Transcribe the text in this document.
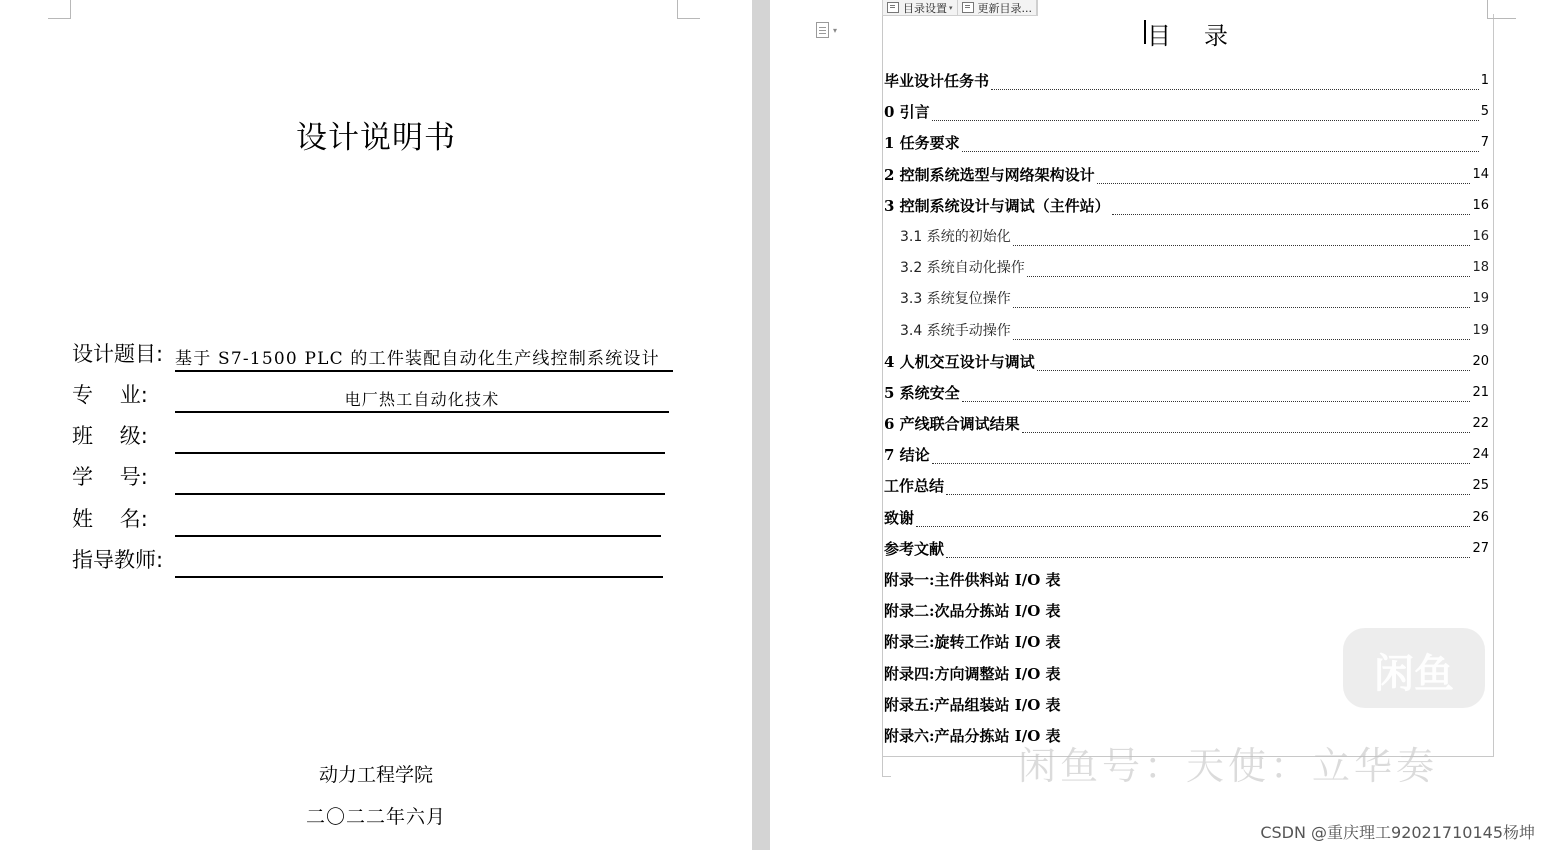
设计说明书
设计题目: 基于 S7-1500 PLC 的工件装配自动化生产线控制系统设计
专    业:	电厂热工自动化技术
班    级:
学    号:
姓    名:
指导教师:
动力工程学院
二〇二二年六月
▾
目录设置 ▾ 更新目录...
目 录
毕业设计任务书	1
0 引言	5
1 任务要求	7
2 控制系统选型与网络架构设计	14
3 控制系统设计与调试（主件站）	16
3.1 系统的初始化	16
3.2 系统自动化操作	18
3.3 系统复位操作	19
3.4 系统手动操作	19
4 人机交互设计与调试	20
5 系统安全	21
6 产线联合调试结果	22
7 结论	24
工作总结	25
致谢	26
参考文献	27
附录一:主件供料站 I/O 表
附录二:次品分拣站 I/O 表
附录三:旋转工作站 I/O 表
附录四:方向调整站 I/O 表
附录五:产品组装站 I/O 表
附录六:产品分拣站 I/O 表
闲鱼
闲鱼号：天使：立华奏
CSDN @重庆理工92021710145杨坤
